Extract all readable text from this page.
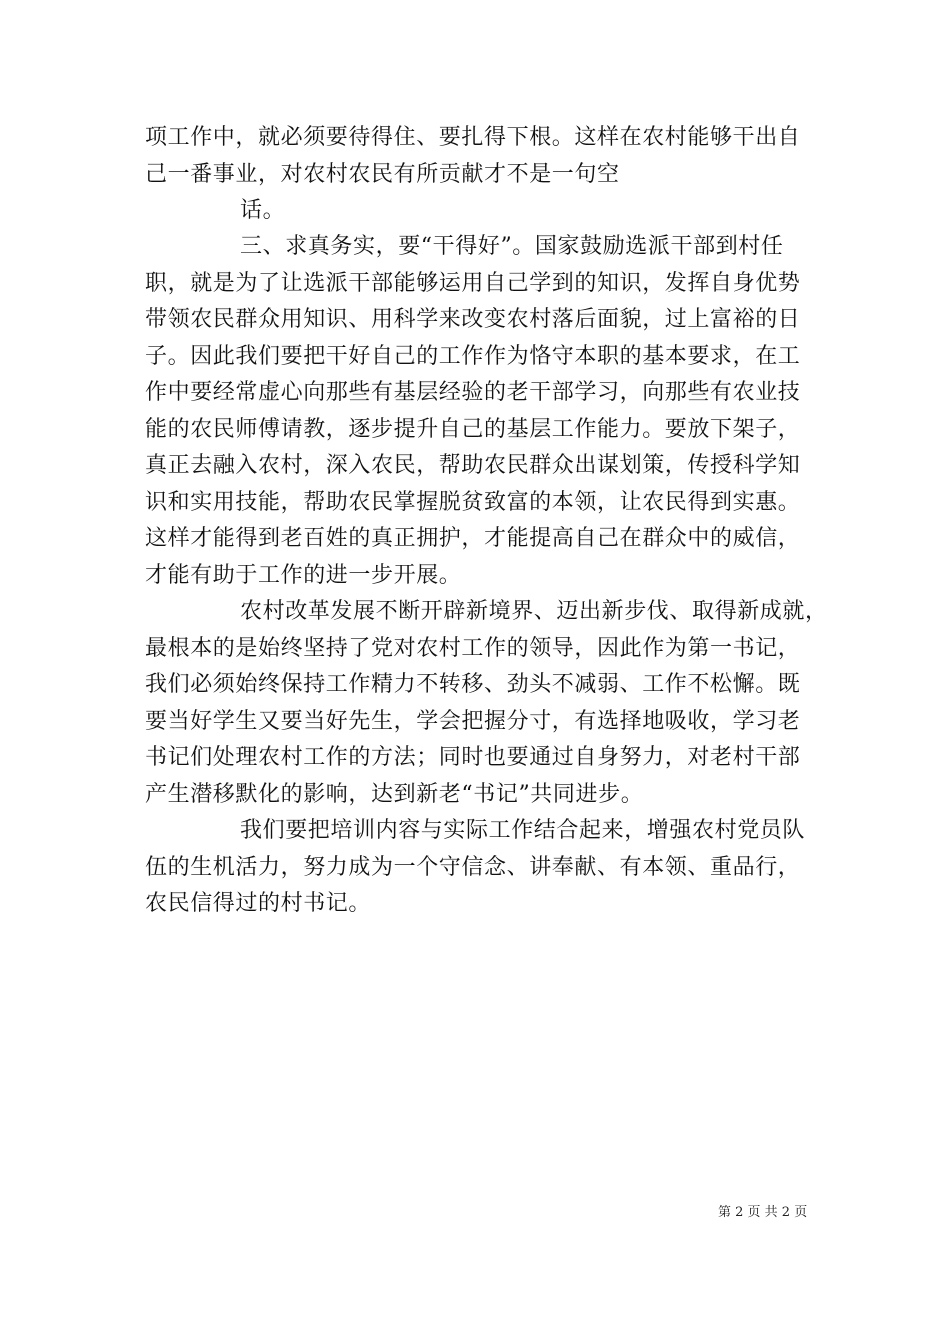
项工作中，就必须要待得住、要扎得下根。这样在农村能够干出自
己一番事业，对农村农民有所贡献才不是一句空
话。
三、求真务实，要“干得好”。国家鼓励选派干部到村任
职，就是为了让选派干部能够运用自己学到的知识，发挥自身优势
带领农民群众用知识、用科学来改变农村落后面貌，过上富裕的日
子。因此我们要把干好自己的工作作为恪守本职的基本要求，在工
作中要经常虚心向那些有基层经验的老干部学习，向那些有农业技
能的农民师傅请教，逐步提升自己的基层工作能力。要放下架子，
真正去融入农村，深入农民，帮助农民群众出谋划策，传授科学知
识和实用技能，帮助农民掌握脱贫致富的本领，让农民得到实惠。
这样才能得到老百姓的真正拥护，才能提高自己在群众中的威信，
才能有助于工作的进一步开展。
农村改革发展不断开辟新境界、迈出新步伐、取得新成就，
最根本的是始终坚持了党对农村工作的领导，因此作为第一书记，
我们必须始终保持工作精力不转移、劲头不减弱、工作不松懈。既
要当好学生又要当好先生，学会把握分寸，有选择地吸收，学习老
书记们处理农村工作的方法；同时也要通过自身努力，对老村干部
产生潜移默化的影响，达到新老“书记”共同进步。
我们要把培训内容与实际工作结合起来，增强农村党员队
伍的生机活力，努力成为一个守信念、讲奉献、有本领、重品行，
农民信得过的村书记。
第 2 页 共 2 页
